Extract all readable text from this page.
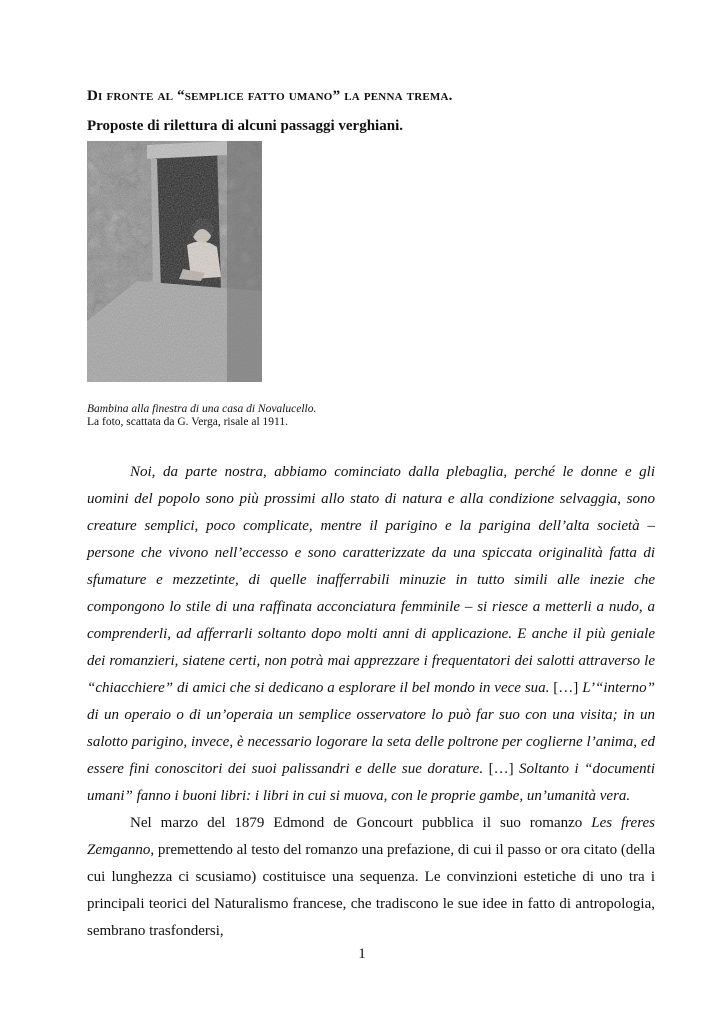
Di fronte al “semplice fatto umano” la penna trema.
Proposte di rilettura di alcuni passaggi verghiani.
Bambina alla finestra di una casa di Novalucello.
La foto, scattata da G. Verga, risale al 1911.

Noi, da parte nostra, abbiamo cominciato dalla plebaglia, perché le donne e gli uomini del popolo sono più prossimi allo stato di natura e alla condizione selvaggia, sono creature semplici, poco complicate, mentre il parigino e la parigina dell’alta società – persone che vivono nell’eccesso e sono caratterizzate da una spiccata originalità fatta di sfumature e mezzetinte, di quelle inafferrabili minuzie in tutto simili alle inezie che compongono lo stile di una raffinata acconciatura femminile – si riesce a metterli a nudo, a comprenderli, ad afferrarli soltanto dopo molti anni di applicazione. E anche il più geniale dei romanzieri, siatene certi, non potrà mai apprezzare i frequentatori dei salotti attraverso le “chiacchiere” di amici che si dedicano a esplorare il bel mondo in vece sua. […] L’“interno” di un operaio o di un’operaia un semplice osservatore lo può far suo con una visita; in un salotto parigino, invece, è necessario logorare la seta delle poltrone per coglierne l’anima, ed essere fini conoscitori dei suoi palissandri e delle sue dorature. […] Soltanto i “documenti umani” fanno i buoni libri: i libri in cui si muova, con le proprie gambe, un’umanità vera.

Nel marzo del 1879 Edmond de Goncourt pubblica il suo romanzo Les freres Zemganno, premettendo al testo del romanzo una prefazione, di cui il passo or ora citato (della cui lunghezza ci scusiamo) costituisce una sequenza. Le convinzioni estetiche di uno tra i principali teorici del Naturalismo francese, che tradiscono le sue idee in fatto di antropologia, sembrano trasfondersi,

1
